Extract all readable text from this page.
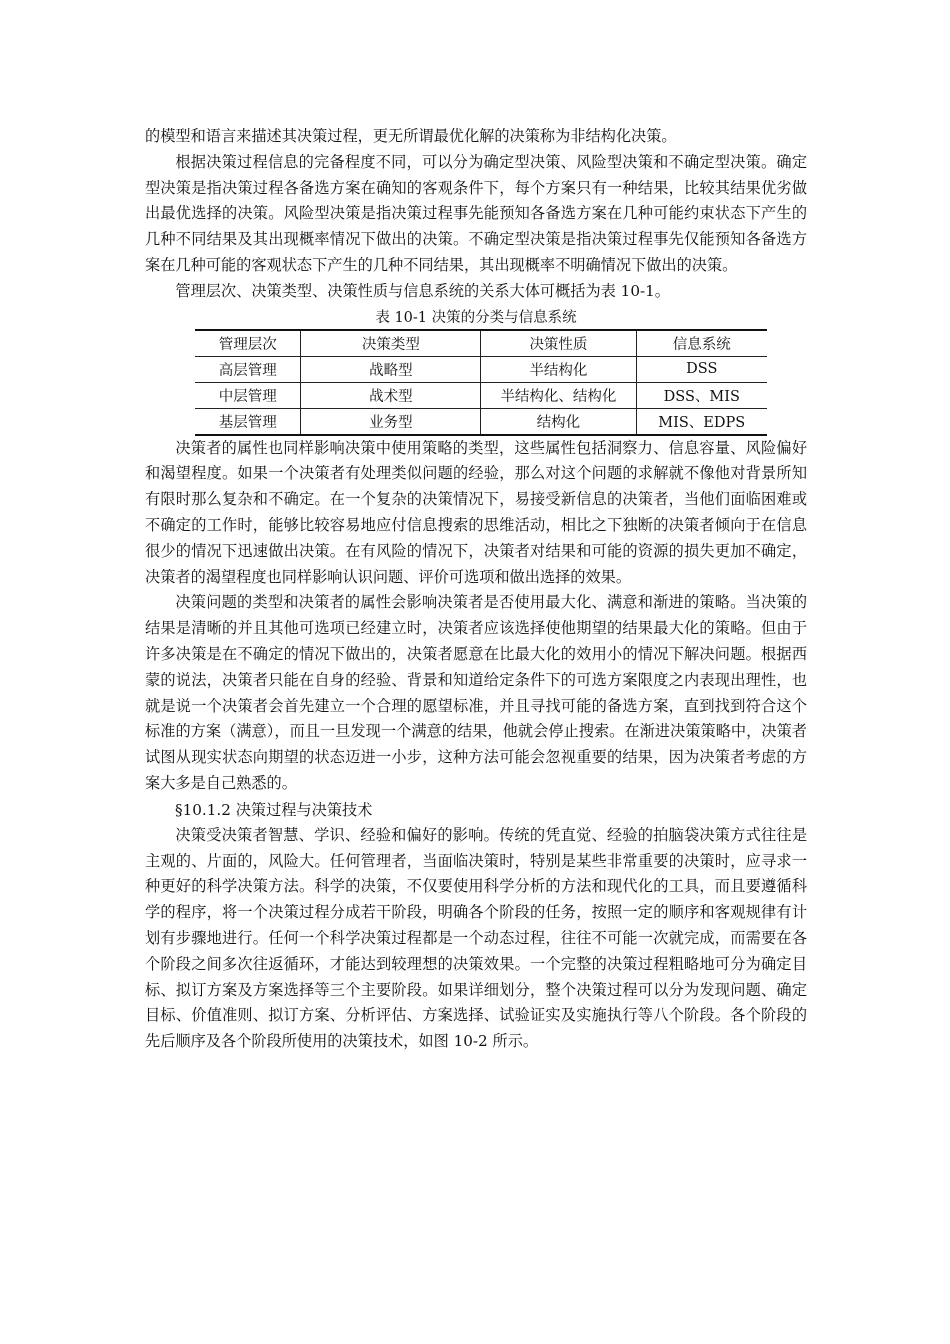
的模型和语言来描述其决策过程，更无所谓最优化解的决策称为非结构化决策。

根据决策过程信息的完备程度不同，可以分为确定型决策、风险型决策和不确定型决策。确定型决策是指决策过程各备选方案在确知的客观条件下，每个方案只有一种结果，比较其结果优劣做出最优选择的决策。风险型决策是指决策过程事先能预知各备选方案在几种可能约束状态下产生的几种不同结果及其出现概率情况下做出的决策。不确定型决策是指决策过程事先仅能预知各备选方案在几种可能的客观状态下产生的几种不同结果，其出现概率不明确情况下做出的决策。

管理层次、决策类型、决策性质与信息系统的关系大体可概括为表 10-1。

表 10-1 决策的分类与信息系统
管理层次	决策类型	决策性质	信息系统
高层管理	战略型	半结构化	DSS
中层管理	战术型	半结构化、结构化	DSS、MIS
基层管理	业务型	结构化	MIS、EDPS

决策者的属性也同样影响决策中使用策略的类型，这些属性包括洞察力、信息容量、风险偏好和渴望程度。如果一个决策者有处理类似问题的经验，那么对这个问题的求解就不像他对背景所知有限时那么复杂和不确定。在一个复杂的决策情况下，易接受新信息的决策者，当他们面临困难或不确定的工作时，能够比较容易地应付信息搜索的思维活动，相比之下独断的决策者倾向于在信息很少的情况下迅速做出决策。在有风险的情况下，决策者对结果和可能的资源的损失更加不确定，决策者的渴望程度也同样影响认识问题、评价可选项和做出选择的效果。

决策问题的类型和决策者的属性会影响决策者是否使用最大化、满意和渐进的策略。当决策的结果是清晰的并且其他可选项已经建立时，决策者应该选择使他期望的结果最大化的策略。但由于许多决策是在不确定的情况下做出的，决策者愿意在比最大化的效用小的情况下解决问题。根据西蒙的说法，决策者只能在自身的经验、背景和知道给定条件下的可选方案限度之内表现出理性，也就是说一个决策者会首先建立一个合理的愿望标准，并且寻找可能的备选方案，直到找到符合这个标准的方案（满意），而且一旦发现一个满意的结果，他就会停止搜索。在渐进决策策略中，决策者试图从现实状态向期望的状态迈进一小步，这种方法可能会忽视重要的结果，因为决策者考虑的方案大多是自己熟悉的。

§10.1.2 决策过程与决策技术

决策受决策者智慧、学识、经验和偏好的影响。传统的凭直觉、经验的拍脑袋决策方式往往是主观的、片面的，风险大。任何管理者，当面临决策时，特别是某些非常重要的决策时，应寻求一种更好的科学决策方法。科学的决策，不仅要使用科学分析的方法和现代化的工具，而且要遵循科学的程序，将一个决策过程分成若干阶段，明确各个阶段的任务，按照一定的顺序和客观规律有计划有步骤地进行。任何一个科学决策过程都是一个动态过程，往往不可能一次就完成，而需要在各个阶段之间多次往返循环，才能达到较理想的决策效果。一个完整的决策过程粗略地可分为确定目标、拟订方案及方案选择等三个主要阶段。如果详细划分，整个决策过程可以分为发现问题、确定目标、价值准则、拟订方案、分析评估、方案选择、试验证实及实施执行等八个阶段。各个阶段的先后顺序及各个阶段所使用的决策技术，如图 10-2 所示。
